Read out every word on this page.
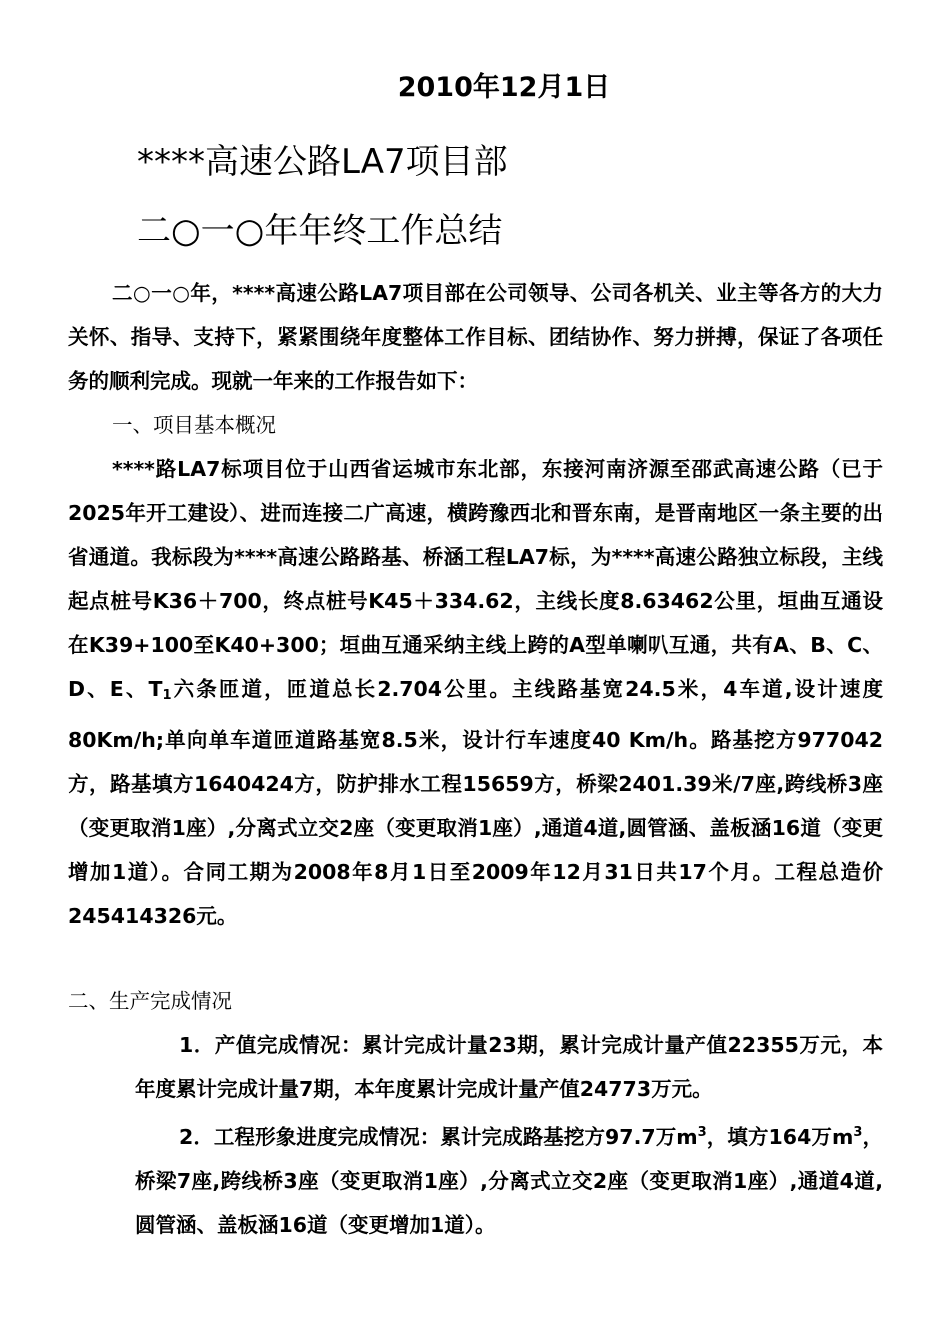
2010年12月1日
****高速公路LA7项目部
二○一○年年终工作总结

二○一○年，****高速公路LA7项目部在公司领导、公司各机关、业主等各方的大力关怀、指导、支持下，紧紧围绕年度整体工作目标、团结协作、努力拼搏，保证了各项任务的顺利完成。现就一年来的工作报告如下：

一、项目基本概况

****路LA7标项目位于山西省运城市东北部，东接河南济源至邵武高速公路（已于2025年开工建设）、进而连接二广高速，横跨豫西北和晋东南，是晋南地区一条主要的出省通道。我标段为****高速公路路基、桥涵工程LA7标，为****高速公路独立标段，主线起点桩号K36＋700，终点桩号K45＋334.62，主线长度8.63462公里，垣曲互通设在K39+100至K40+300；垣曲互通采纳主线上跨的A型单喇叭互通，共有A、B、C、D、E、$T_1$六条匝道，匝道总长2.704公里。主线路基宽24.5米，4车道,设计速度80Km/h;单向单车道匝道路基宽8.5米，设计行车速度40 Km/h。路基挖方977042方，路基填方1640424方，防护排水工程15659方，桥梁2401.39米/7座,跨线桥3座（变更取消1座）,分离式立交2座（变更取消1座）,通道4道,圆管涵、盖板涵16道（变更增加1道）。合同工期为2008年8月1日至2009年12月31日共17个月。工程总造价245414326元。

二、生产完成情况

1．产值完成情况：累计完成计量23期，累计完成计量产值22355万元，本年度累计完成计量7期，本年度累计完成计量产值24773万元。

2．工程形象进度完成情况：累计完成路基挖方97.7万$m^3$，填方164万$m^3$，桥梁7座,跨线桥3座（变更取消1座）,分离式立交2座（变更取消1座）,通道4道,圆管涵、盖板涵16道（变更增加1道）。
